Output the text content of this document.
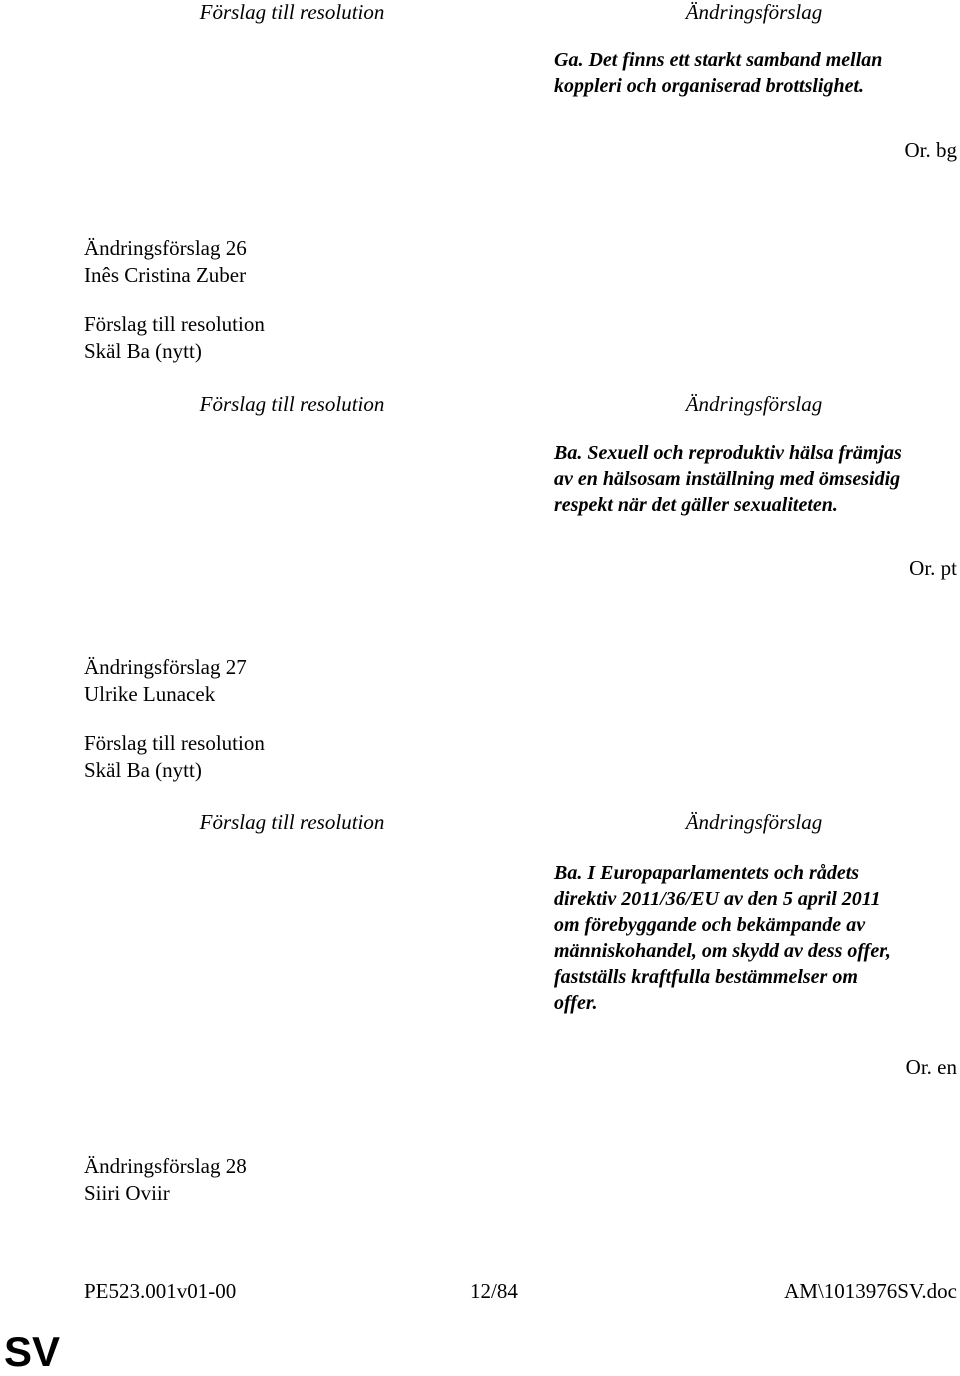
Förslag till resolution	Ändringsförslag

Ga. Det finns ett starkt samband mellan

koppleri och organiserad brottslighet.

Or. bg
Ändringsförslag 26
Inês Cristina Zuber
Förslag till resolution
Skäl Ba (nytt)
Förslag till resolution	Ändringsförslag

Ba. Sexuell och reproduktiv hälsa främjas

av en hälsosam inställning med ömsesidig

respekt när det gäller sexualiteten.

Or. pt
Ändringsförslag 27
Ulrike Lunacek
Förslag till resolution
Skäl Ba (nytt)
Förslag till resolution	Ändringsförslag

Ba. I Europaparlamentets och rådets

direktiv 2011/36/EU av den 5 april 2011

om förebyggande och bekämpande av

människohandel, om skydd av dess offer,

fastställs kraftfulla bestämmelser om

offer.

Or. en
Ändringsförslag 28
Siiri Oviir
PE523.001v01-00	12/84	AM\1013976SV.doc
SV
